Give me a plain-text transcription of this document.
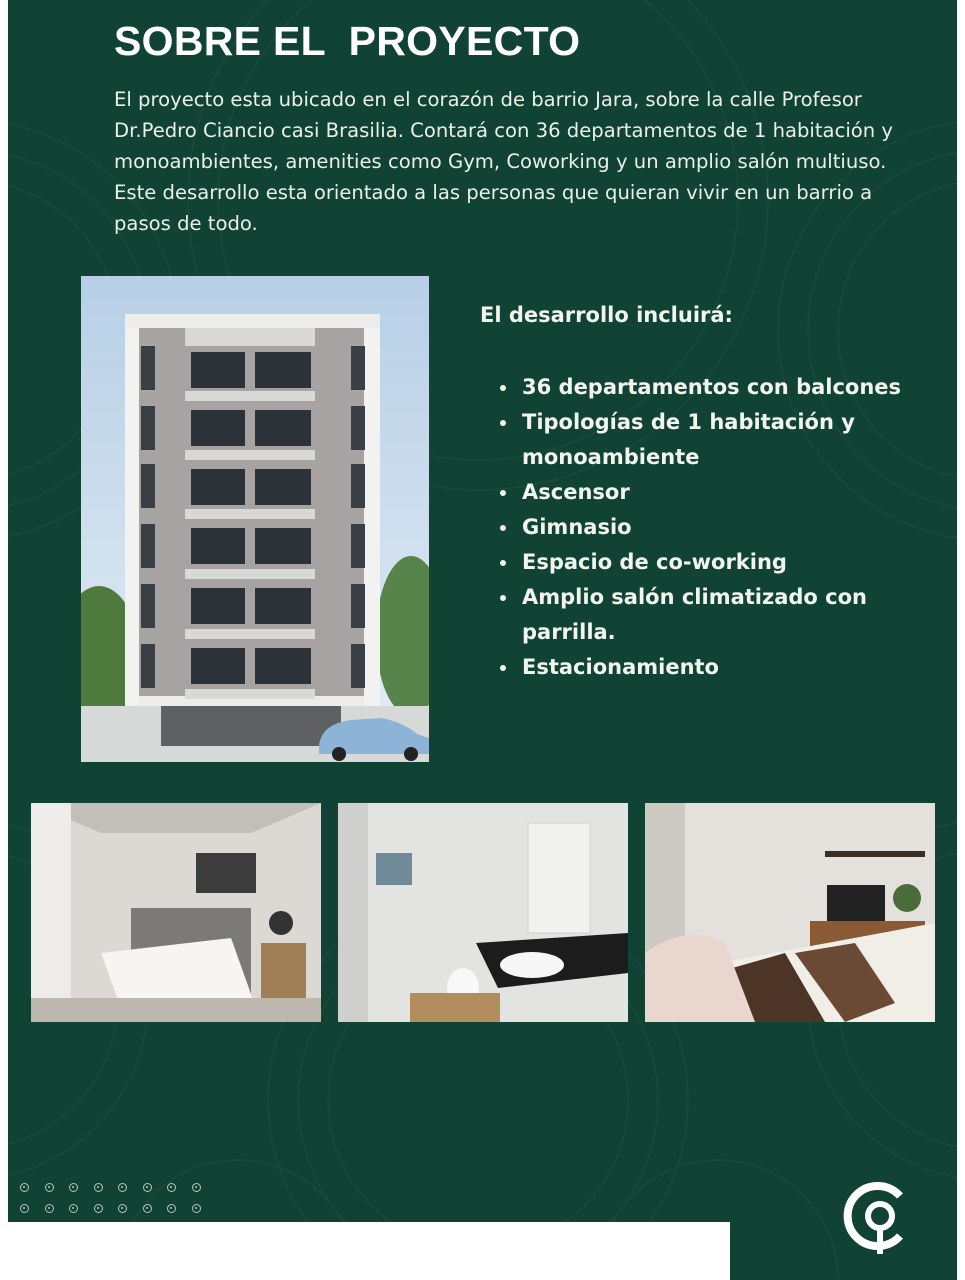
SOBRE EL  PROYECTO

El proyecto esta ubicado en el corazón de barrio Jara, sobre la calle Profesor Dr.Pedro Ciancio casi Brasilia. Contará con 36 departamentos de 1 habitación y monoambientes, amenities como Gym, Coworking y un amplio salón multiuso. Este desarrollo esta orientado a las personas que quieran vivir en un barrio a pasos de todo.

El desarrollo incluirá:
36 departamentos con balcones
Tipologías de 1 habitación y monoambiente
Ascensor
Gimnasio
Espacio de co-working
Amplio salón climatizado con parrilla.
Estacionamiento
